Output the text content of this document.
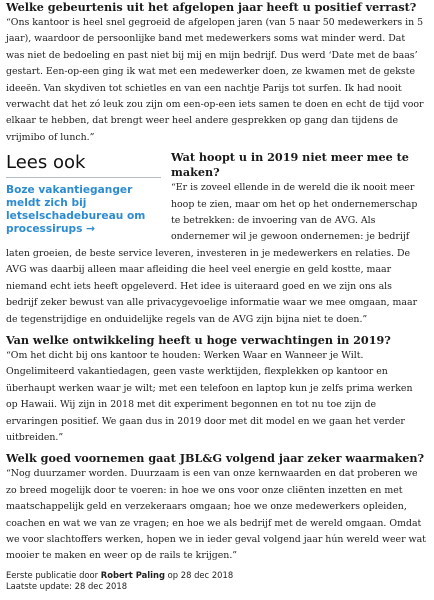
Welke gebeurtenis uit het afgelopen jaar heeft u positief verrast?

“Ons kantoor is heel snel gegroeid de afgelopen jaren (van 5 naar 50 medewerkers in 5 jaar), waardoor de persoonlijke band met medewerkers soms wat minder werd. Dat was niet de bedoeling en past niet bij mij en mijn bedrijf. Dus werd ‘Date met de baas’ gestart. Een-op-een ging ik wat met een medewerker doen, ze kwamen met de gekste ideeën. Van skydiven tot schietles en van een nachtje Parijs tot surfen. Ik had nooit verwacht dat het zó leuk zou zijn om een-op-een iets samen te doen en echt de tijd voor elkaar te hebben, dat brengt weer heel andere gesprekken op gang dan tijdens de vrijmibo of lunch.”

Lees ook
Boze vakantieganger meldt zich bij letselschadebureau om processirups →
Wat hoopt u in 2019 niet meer mee te maken?

“Er is zoveel ellende in de wereld die ik nooit meer hoop te zien, maar om het op het ondernemerschap te betrekken: de invoering van de AVG. Als ondernemer wil je gewoon ondernemen: je bedrijf laten groeien, de beste service leveren, investeren in je medewerkers en relaties. De AVG was daarbij alleen maar afleiding die heel veel energie en geld kostte, maar niemand echt iets heeft opgeleverd. Het idee is uiteraard goed en we zijn ons als bedrijf zeker bewust van alle privacygevoelige informatie waar we mee omgaan, maar de tegenstrijdige en onduidelijke regels van de AVG zijn bijna niet te doen.”

Van welke ontwikkeling heeft u hoge verwachtingen in 2019?

“Om het dicht bij ons kantoor te houden: Werken Waar en Wanneer je Wilt. Ongelimiteerd vakantiedagen, geen vaste werktijden, flexplekken op kantoor en überhaupt werken waar je wilt; met een telefoon en laptop kun je zelfs prima werken op Hawaii. Wij zijn in 2018 met dit experiment begonnen en tot nu toe zijn de ervaringen positief. We gaan dus in 2019 door met dit model en we gaan het verder uitbreiden.”

Welk goed voornemen gaat JBL&G volgend jaar zeker waarmaken?

“Nog duurzamer worden. Duurzaam is een van onze kernwaarden en dat proberen we zo breed mogelijk door te voeren: in hoe we ons voor onze cliënten inzetten en met maatschappelijk geld en verzekeraars omgaan; hoe we onze medewerkers opleiden, coachen en wat we van ze vragen; en hoe we als bedrijf met de wereld omgaan. Omdat we voor slachtoffers werken, hopen we in ieder geval volgend jaar hún wereld weer wat mooier te maken en weer op de rails te krijgen.”

Eerste publicatie door Robert Paling op 28 dec 2018
Laatste update: 28 dec 2018
